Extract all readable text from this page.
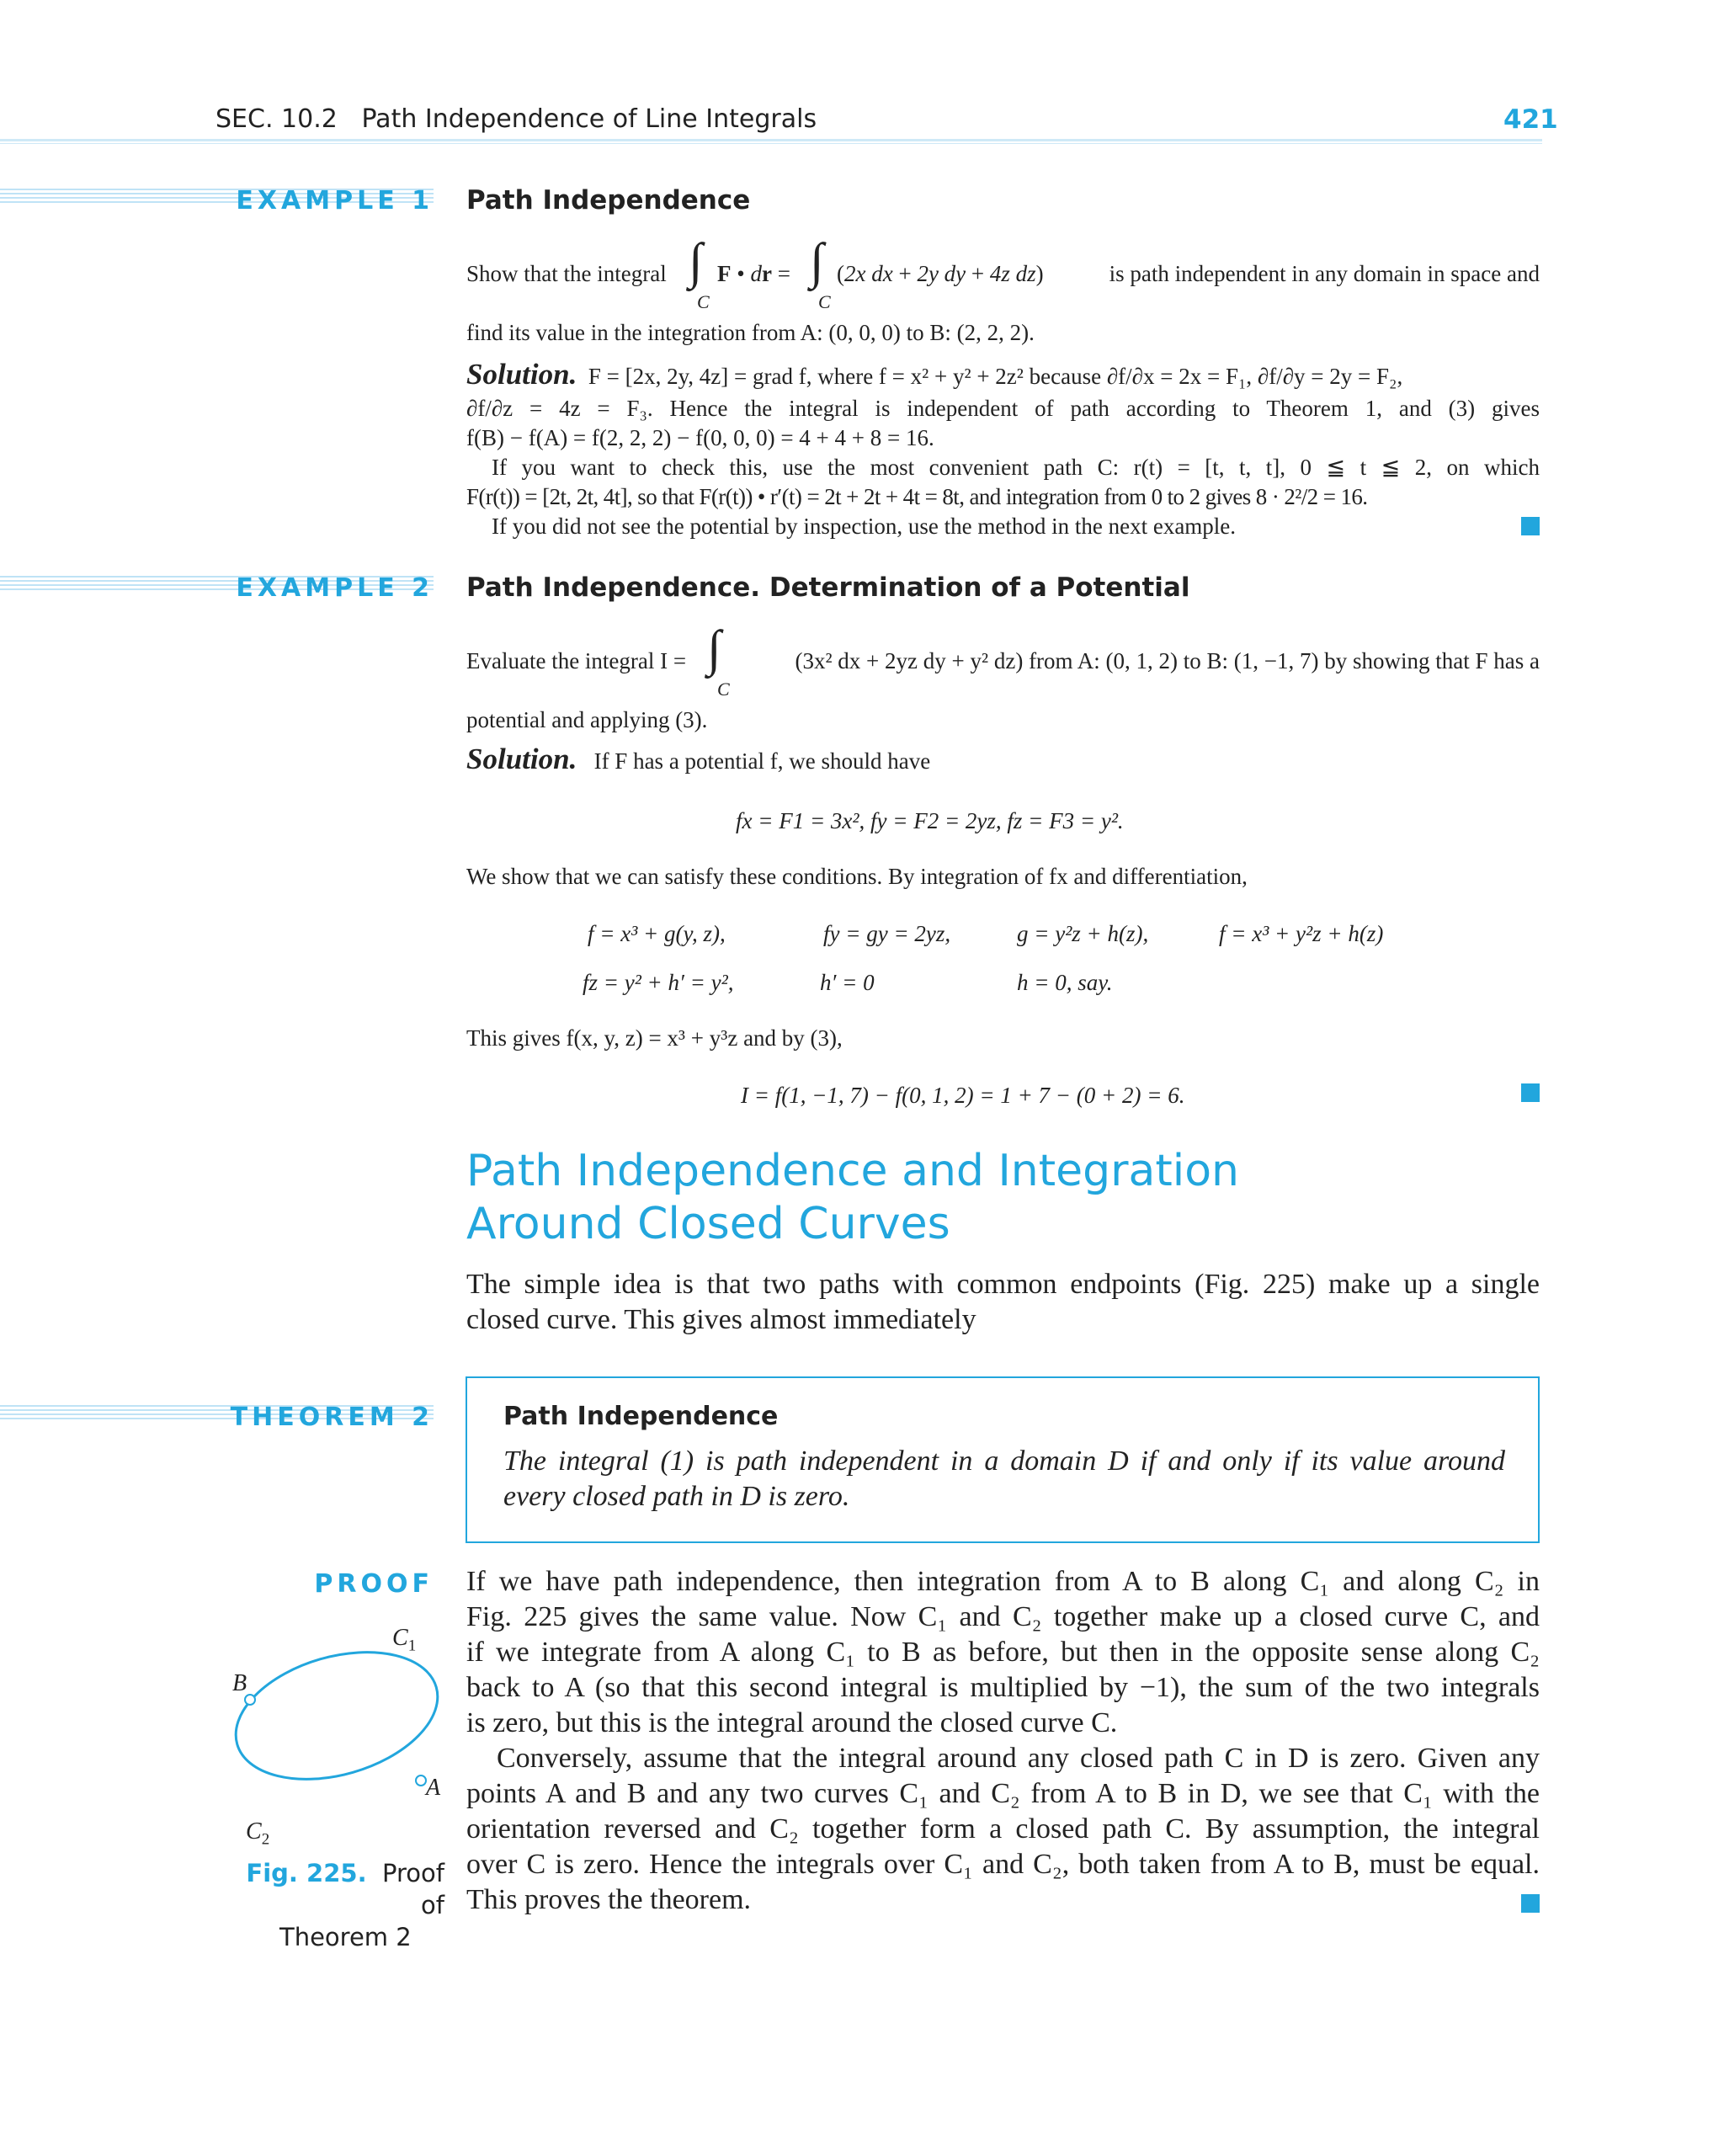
SEC. 10.2 Path Independence of Line Integrals	421
EXAMPLE 1 Path Independence
Show that the integral ∫
C
F • dr = ∫
C
(2x dx + 2y dy + 4z dz)	is path independent in any domain in space and
find its value in the integration from A: (0, 0, 0) to B: (2, 2, 2).
Solution. F = [2x, 2y, 4z] = grad f, where f = x² + y² + 2z² because ∂f/∂x = 2x = F₁, ∂f/∂y = 2y = F₂,
∂f/∂z = 4z = F₃. Hence the integral is independent of path according to Theorem 1, and (3) gives
f(B) − f(A) = f(2, 2, 2) − f(0, 0, 0) = 4 + 4 + 8 = 16.
If you want to check this, use the most convenient path C: r(t) = [t, t, t], 0 ≦ t ≦ 2, on which
F(r(t)) = [2t, 2t, 4t], so that F(r(t)) • r′(t) = 2t + 2t + 4t = 8t, and integration from 0 to 2 gives 8 · 2²/2 = 16.
If you did not see the potential by inspection, use the method in the next example.
EXAMPLE 2 Path Independence. Determination of a Potential
Evaluate the integral I = ∫
C
(3x² dx + 2yz dy + y² dz) from A: (0, 1, 2) to B: (1, −1, 7) by showing that F has a
potential and applying (3).
Solution. If F has a potential f, we should have
fx = F1 = 3x², fy = F2 = 2yz, fz = F3 = y².
We show that we can satisfy these conditions. By integration of fx and differentiation,
f = x³ + g(y, z),	fy = gy = 2yz,	g = y²z + h(z),	f = x³ + y²z + h(z)
fz = y² + h′ = y²,	h′ = 0	h = 0, say.
This gives f(x, y, z) = x³ + y³z and by (3),
I = f(1, −1, 7) − f(0, 1, 2) = 1 + 7 − (0 + 2) = 6.
Path Independence and Integration
Around Closed Curves
The simple idea is that two paths with common endpoints (Fig. 225) make up a single
closed curve. This gives almost immediately
THEOREM 2	Path Independence
The integral (1) is path independent in a domain D if and only if its value around
every closed path in D is zero.
PROOF If we have path independence, then integration from A to B along C₁ and along C₂ in
Fig. 225 gives the same value. Now C₁ and C₂ together make up a closed curve C, and
if we integrate from A along C₁ to B as before, but then in the opposite sense along C₂
back to A (so that this second integral is multiplied by −1), the sum of the two integrals
is zero, but this is the integral around the closed curve C.
Conversely, assume that the integral around any closed path C in D is zero. Given any
points A and B and any two curves C₁ and C₂ from A to B in D, we see that C₁ with the
orientation reversed and C₂ together form a closed path C. By assumption, the integral
over C is zero. Hence the integrals over C₁ and C₂, both taken from A to B, must be equal.
This proves the theorem.
$C_1$
B
A
$C_2$
Fig. 225. Proof of
Theorem 2
